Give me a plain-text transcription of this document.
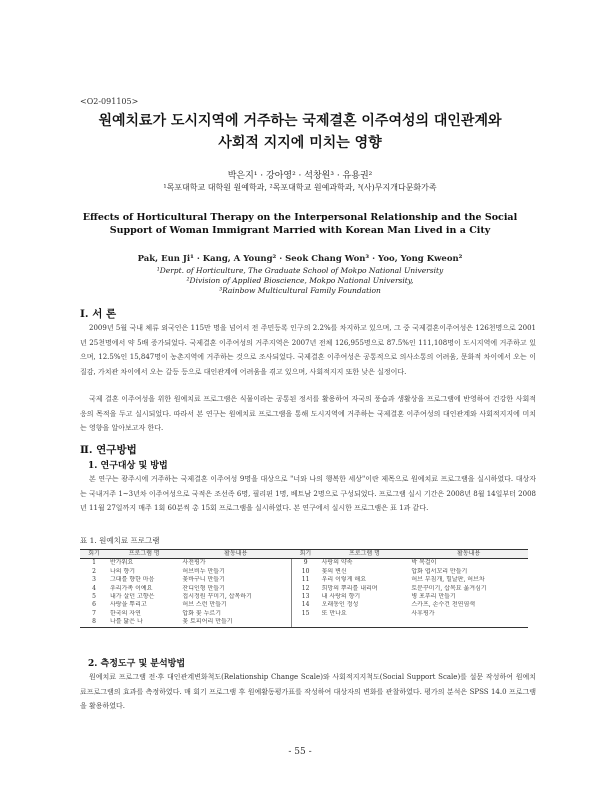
<O2-091105>
원예치료가 도시지역에 거주하는 국제결혼 이주여성의 대인관계와
사회적 지지에 미치는 영향
박은지¹ · 강아영² · 석창원³ · 유용권²
¹목포대학교 대학원 원예학과, ²목포대학교 원예과학과, ³(사)무지개다문화가족
Effects of Horticultural Therapy on the Interpersonal Relationship and the Social
Support of Woman Immigrant Married with Korean Man Lived in a City
Pak, Eun Ji¹ · Kang, A Young² · Seok Chang Won³ · Yoo, Yong Kweon²
¹Derpt. of Horticulture, The Graduate School of Mokpo National University
²Division of Applied Bioscience, Mokpo National University,
³Rainbow Multicultural Family Foundation
Ⅰ. 서 론
2009년 5월 국내 체류 외국인은 115만 명을 넘어서 전 주민등록 인구의 2.2%를 차지하고 있으며, 그 중 국제결혼이주여성은 126천명으로 2001년 25천명에서 약 5배 증가되었다. 국제결혼 이주여성의 거주지역은 2007년 전체 126,955명으로 87.5%인 111,108명이 도시지역에 거주하고 있으며, 12.5%인 15,847명이 농촌지역에 거주하는 것으로 조사되었다. 국제결혼 이주여성은 공통적으로 의사소통의 어려움, 문화적 차이에서 오는 이질감, 가치관 차이에서 오는 갈등 등으로 대인관계에 어려움을 겪고 있으며, 사회적지지 또한 낮은 실정이다.
국제 결혼 이주여성을 위한 원예치료 프로그램은 식물이라는 공통된 정서를 활용하여 자국의 풍습과 생활상을 프로그램에 반영하여 건강한 사회적응의 목적을 두고 실시되었다. 따라서 본 연구는 원예치료 프로그램을 통해 도시지역에 거주하는 국제결혼 이주여성의 대인관계와 사회적지지에 미치는 영향을 알아보고자 한다.
Ⅱ. 연구방법
1. 연구대상 및 방법
본 연구는 광주시에 거주하는 국제결혼 이주여성 9명을 대상으로 "너와 나의 행복한 세상"이란 제목으로 원예치료 프로그램을 실시하였다. 대상자는 국내거주 1~3년차 이주여성으로 국적은 조선족 6명, 필리핀 1명, 베트남 2명으로 구성되었다. 프로그램 실시 기간은 2008년 8월 14일부터 2008년 11월 27일까지 매주 1회 60분씩 총 15회 프로그램을 실시하였다. 본 연구에서 실시한 프로그램은 표 1과 같다.
표 1. 원예치료 프로그램
회기	프로그램 명	활동내용	회기	프로그램 명	활동내용
1	반가워요	사전평가	9	사랑의 약속	박 목걸이
2	나의 향기	허브비누 만들기	10	꽃의 변신	압화 엽서꼬리 만들기
3	그대를 향한 마음	꽃바구니 만들기	11	우리 이렇게 해요	허브 부침개, 힐날판, 허브차
4	우리가족 이예요	잔디인형 만들기	12	희망의 뿌리를 내리며	토분꾸미기, 삽목묘 옮겨심기
5	내가 살던 고향은	접시정원 꾸미기, 삽목하기	13	내 사랑의 향기	병 포푸리 만들기
6	사랑을 뿌리고	허브 스런 만들기	14	오래동인 정성	스카프, 손수건 천연염색
7	한국의 자연	압화 꽃 누르기	15	또 만나요	사후평가
8	나를 닮은 나	꽃 토피어리 만들기			
2. 측정도구 및 분석방법
원예치료 프로그램 전·후 대인관계변화척도(Relationship Change Scale)와 사회적지지척도(Social Support Scale)를 설문 작성하여 원예치료프로그램의 효과를 측정하였다. 매 회기 프로그램 후 원예활동평가표를 작성하여 대상자의 변화를 관찰하였다. 평가의 분석은 SPSS 14.0 프로그램을 활용하였다.
- 55 -
